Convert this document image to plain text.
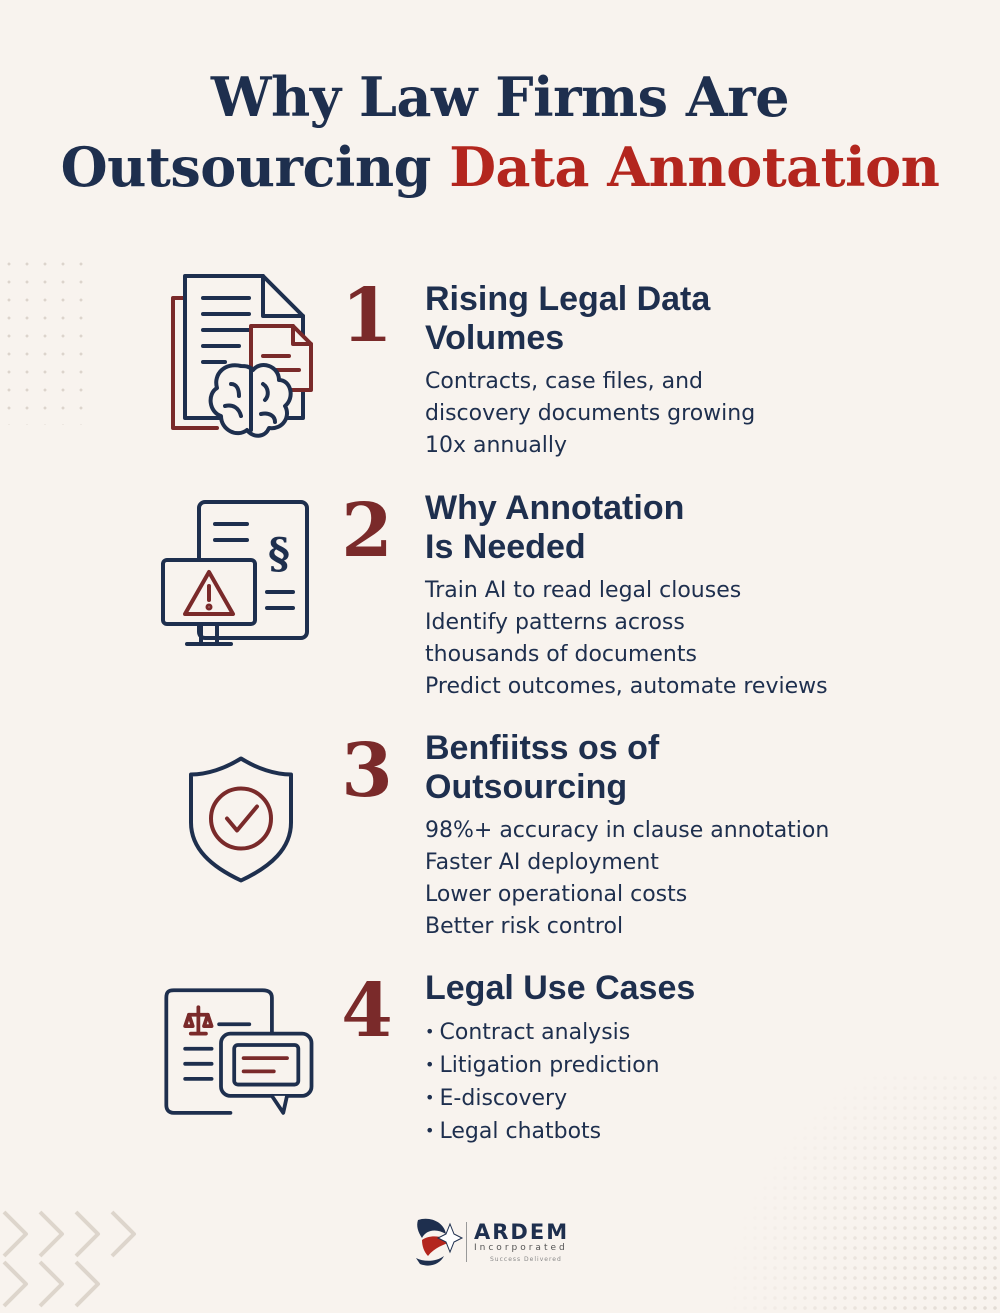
Why Law Firms Are
Outsourcing Data Annotation
1 Rising Legal Data
Volumes
Contracts, case files, and
discovery documents growing
10x annually
§ 2 Why Annotation
Is Needed
Train AI to read legal clouses
Identify patterns across
thousands of documents
Predict outcomes, automate reviews
3 Benfiitss os of
Outsourcing
98%+ accuracy in clause annotation
Faster AI deployment
Lower operational costs
Better risk control
4 Legal Use Cases
• Contract analysis
• Litigation prediction
• E-discovery
• Legal chatbots
ARDEM
Incorporated
Success Delivered
